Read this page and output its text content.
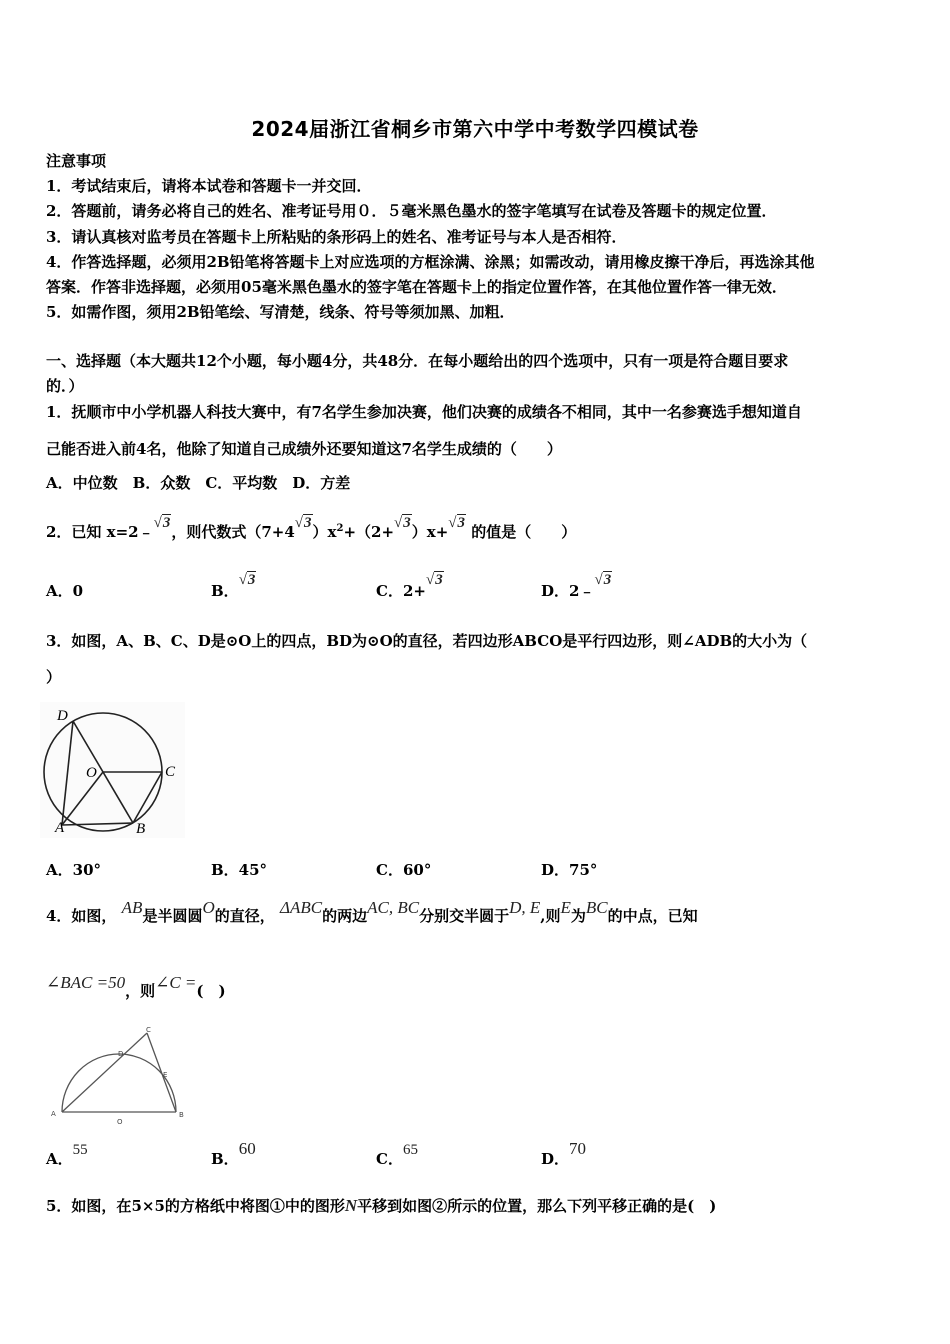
2024届浙江省桐乡市第六中学中考数学四模试卷
注意事项
1．考试结束后，请将本试卷和答题卡一并交回．
2．答题前，请务必将自己的姓名、准考证号用０．５毫米黑色墨水的签字笔填写在试卷及答题卡的规定位置．
3．请认真核对监考员在答题卡上所粘贴的条形码上的姓名、准考证号与本人是否相符．
4．作答选择题，必须用2B铅笔将答题卡上对应选项的方框涂满、涂黑；如需改动，请用橡皮擦干净后，再选涂其他
答案．作答非选择题，必须用05毫米黑色墨水的签字笔在答题卡上的指定位置作答，在其他位置作答一律无效．
5．如需作图，须用2B铅笔绘、写清楚，线条、符号等须加黑、加粗．
一、选择题（本大题共12个小题，每小题4分，共48分．在每小题给出的四个选项中，只有一项是符合题目要求
的．）
1．抚顺市中小学机器人科技大赛中，有7名学生参加决赛，他们决赛的成绩各不相同，其中一名参赛选手想知道自
己能否进入前4名，他除了知道自己成绩外还要知道这7名学生成绩的（　　）
A．中位数　B．众数　C．平均数　D．方差
2．已知 x=2﹣√3，则代数式$(7+4√3)x^2+(2+√3)x+√3$ 的值是（　　）
A．0	B．√3
C．2+√3
D．2﹣√3
3．如图，A、B、C、D是⊙O上的四点，BD为⊙O的直径，若四边形ABCO是平行四边形，则∠ADB的大小为（
）
D
O	C
A	B
A．30°	B．45°	C．60°	D．75°
4．如图， AB是半圆圆O的直径， ΔABC的两边AC, BC分别交半圆于D, E,则E为BC的中点，已知
∠BAC =50，则∠C =(　)
C
D
E
A	B
O
A．55	B．60
C．65	D．70
5．如图，在5×5的方格纸中将图①中的图形N平移到如图②所示的位置，那么下列平移正确的是(　)
